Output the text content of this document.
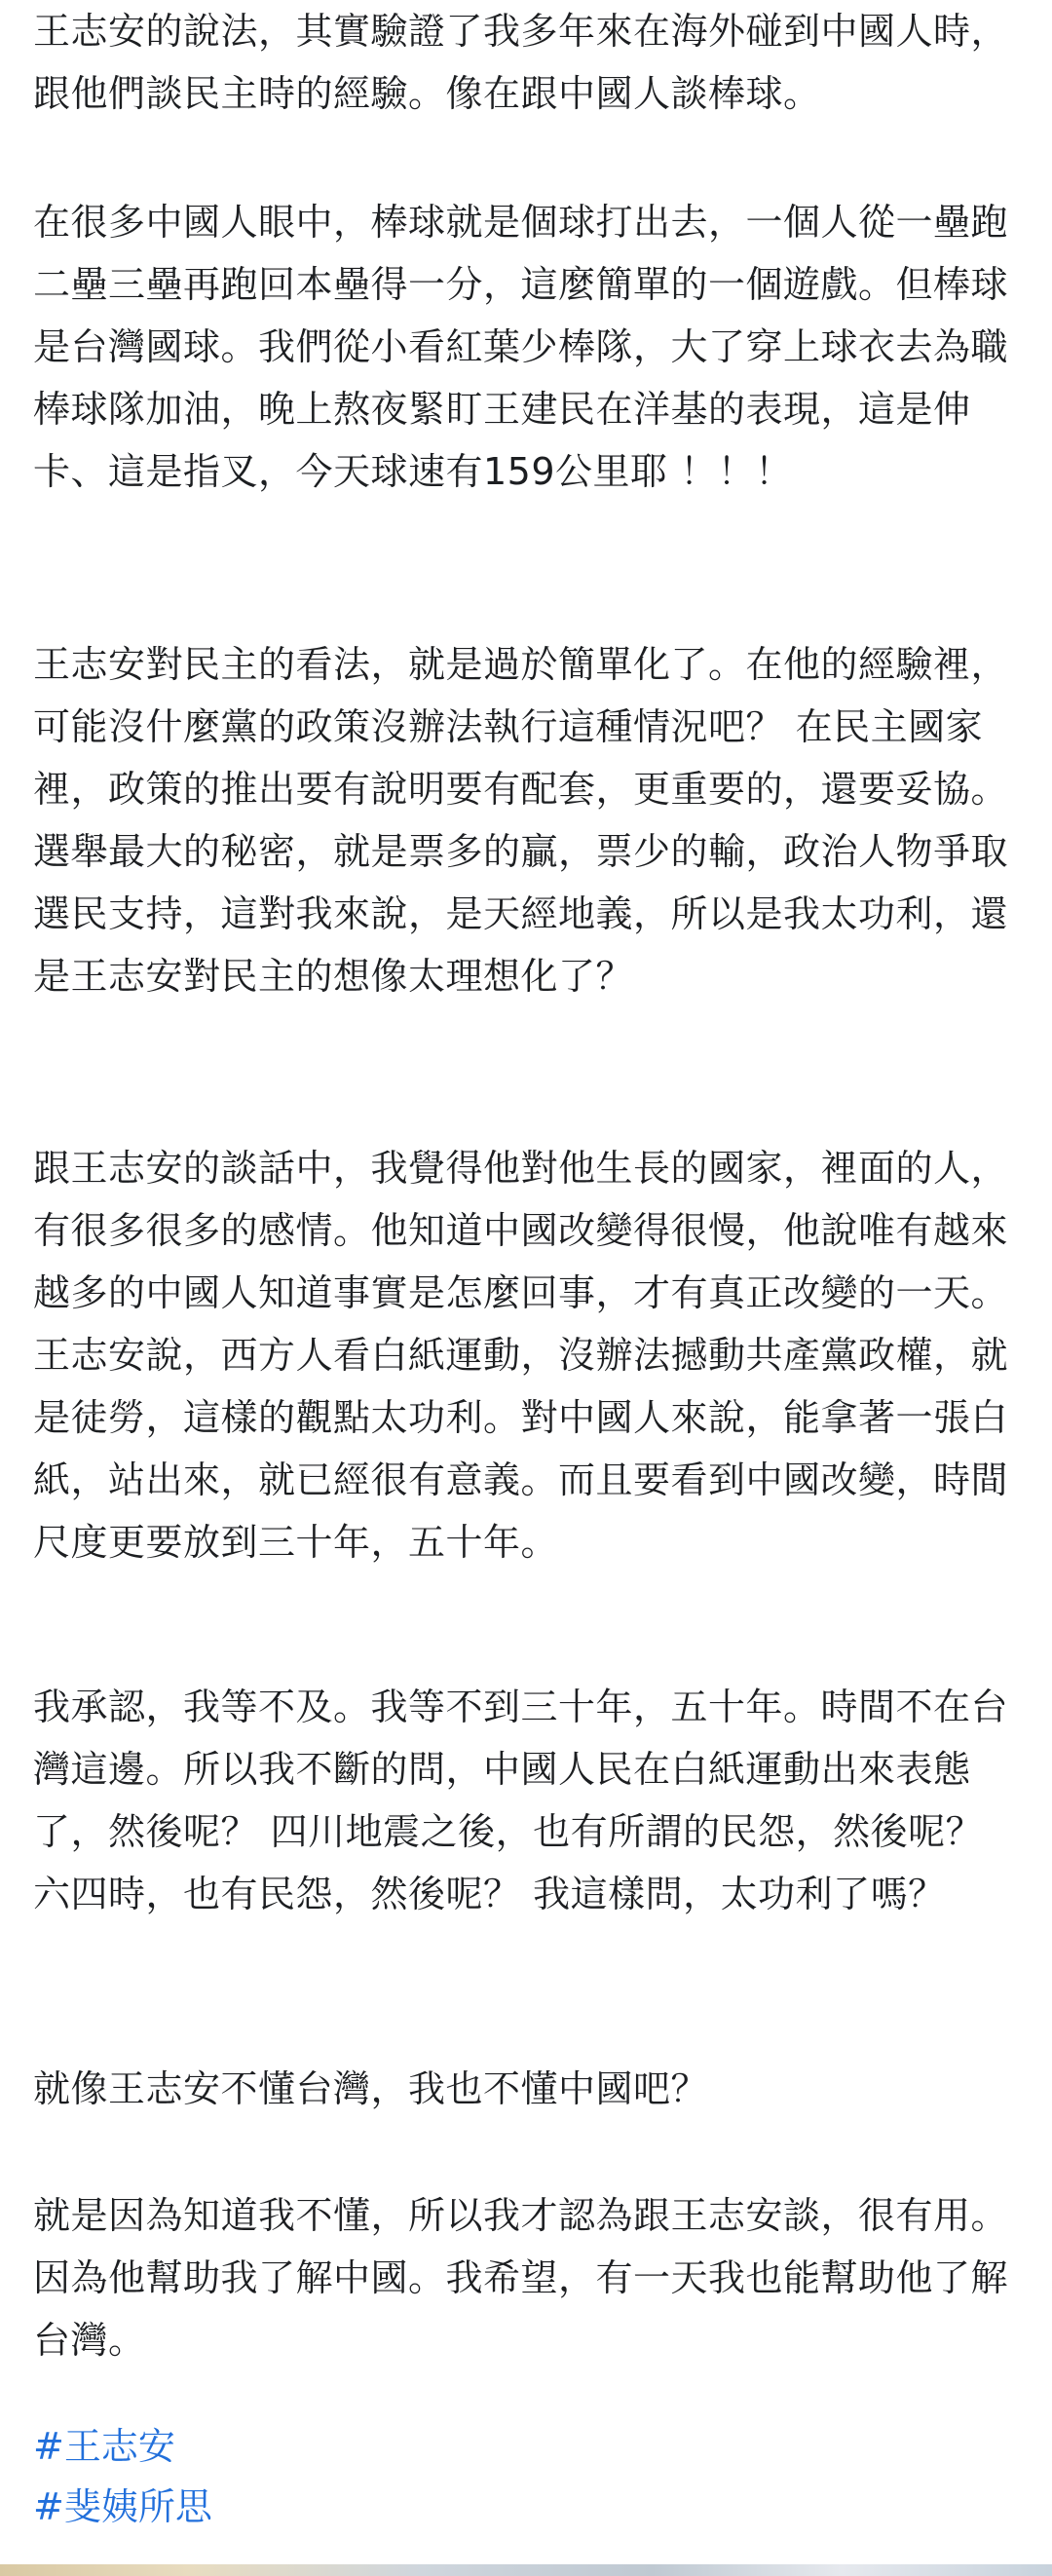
王志安的說法，其實驗證了我多年來在海外碰到中國人時，跟他們談民主時的經驗。像在跟中國人談棒球。

在很多中國人眼中，棒球就是個球打出去，一個人從一壘跑二壘三壘再跑回本壘得一分，這麼簡單的一個遊戲。但棒球是台灣國球。我們從小看紅葉少棒隊，大了穿上球衣去為職棒球隊加油，晚上熬夜緊盯王建民在洋基的表現，這是伸卡、這是指叉，今天球速有159公里耶 ！！！

王志安對民主的看法，就是過於簡單化了。在他的經驗裡，可能沒什麼黨的政策沒辦法執行這種情況吧？ 在民主國家裡，政策的推出要有說明要有配套，更重要的，還要妥協。選舉最大的秘密，就是票多的贏，票少的輸，政治人物爭取選民支持，這對我來說，是天經地義，所以是我太功利，還是王志安對民主的想像太理想化了？

跟王志安的談話中，我覺得他對他生長的國家，裡面的人，有很多很多的感情。他知道中國改變得很慢，他說唯有越來越多的中國人知道事實是怎麼回事，才有真正改變的一天。 王志安說，西方人看白紙運動，沒辦法撼動共產黨政權，就是徒勞，這樣的觀點太功利。對中國人來說，能拿著一張白紙，站出來，就已經很有意義。而且要看到中國改變，時間尺度更要放到三十年，五十年。

我承認，我等不及。我等不到三十年，五十年。時間不在台灣這邊。所以我不斷的問，中國人民在白紙運動出來表態了，然後呢？ 四川地震之後，也有所謂的民怨，然後呢？六四時，也有民怨，然後呢？ 我這樣問，太功利了嗎？

就像王志安不懂台灣，我也不懂中國吧？

就是因為知道我不懂，所以我才認為跟王志安談，很有用。因為他幫助我了解中國。我希望，有一天我也能幫助他了解台灣。

#王志安
#斐姨所思
